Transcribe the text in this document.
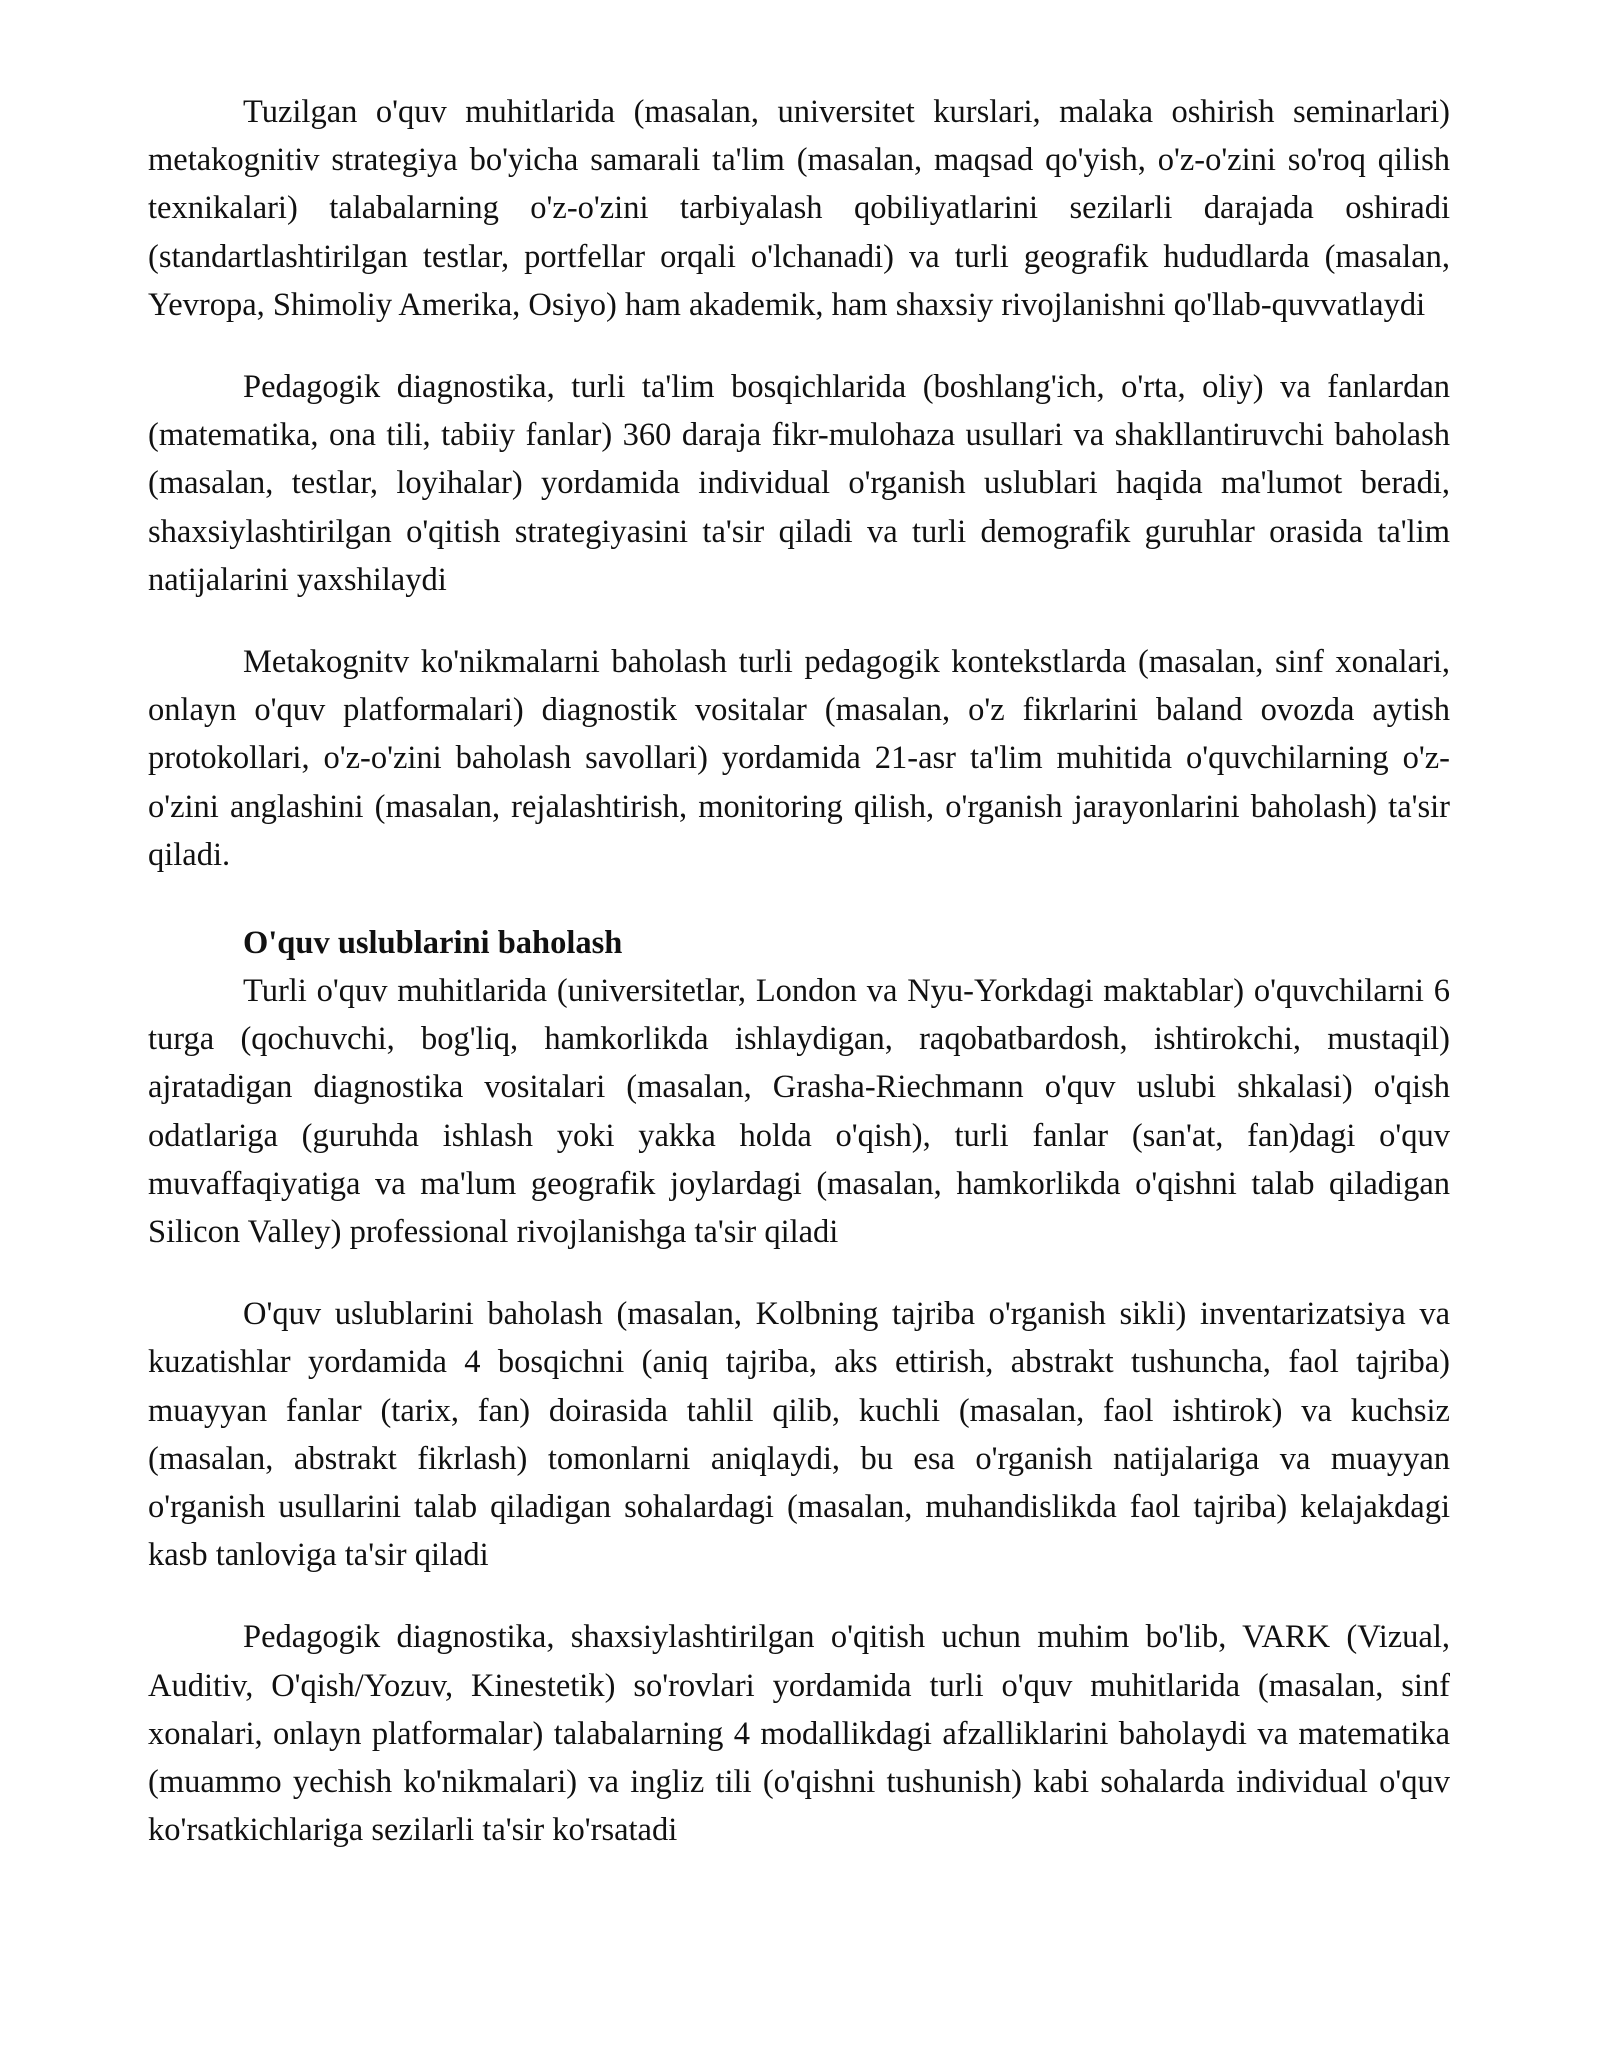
Tuzilgan o'quv muhitlarida (masalan, universitet kurslari, malaka oshirish seminarlari) metakognitiv strategiya bo'yicha samarali ta'lim (masalan, maqsad qo'yish, o'z-o'zini so'roq qilish texnikalari) talabalarning o'z-o'zini tarbiyalash qobiliyatlarini sezilarli darajada oshiradi (standartlashtirilgan testlar, portfellar orqali o'lchanadi) va turli geografik hududlarda (masalan, Yevropa, Shimoliy Amerika, Osiyo) ham akademik, ham shaxsiy rivojlanishni qo'llab-quvvatlaydi

Pedagogik diagnostika, turli ta'lim bosqichlarida (boshlang'ich, o'rta, oliy) va fanlardan (matematika, ona tili, tabiiy fanlar) 360 daraja fikr-mulohaza usullari va shakllantiruvchi baholash (masalan, testlar, loyihalar) yordamida individual o'rganish uslublari haqida ma'lumot beradi, shaxsiylashtirilgan o'qitish strategiyasini ta'sir qiladi va turli demografik guruhlar orasida ta'lim natijalarini yaxshilaydi

Metakognitv ko'nikmalarni baholash turli pedagogik kontekstlarda (masalan, sinf xonalari, onlayn o'quv platformalari) diagnostik vositalar (masalan, o'z fikrlarini baland ovozda aytish protokollari, o'z-o'zini baholash savollari) yordamida 21-asr ta'lim muhitida o'quvchilarning o'z-o'zini anglashini (masalan, rejalashtirish, monitoring qilish, o'rganish jarayonlarini baholash) ta'sir qiladi.

O'quv uslublarini baholash

Turli o'quv muhitlarida (universitetlar, London va Nyu-Yorkdagi maktablar) o'quvchilarni 6 turga (qochuvchi, bog'liq, hamkorlikda ishlaydigan, raqobatbardosh, ishtirokchi, mustaqil) ajratadigan diagnostika vositalari (masalan, Grasha-Riechmann o'quv uslubi shkalasi) o'qish odatlariga (guruhda ishlash yoki yakka holda o'qish), turli fanlar (san'at, fan)dagi o'quv muvaffaqiyatiga va ma'lum geografik joylardagi (masalan, hamkorlikda o'qishni talab qiladigan Silicon Valley) professional rivojlanishga ta'sir qiladi

O'quv uslublarini baholash (masalan, Kolbning tajriba o'rganish sikli) inventarizatsiya va kuzatishlar yordamida 4 bosqichni (aniq tajriba, aks ettirish, abstrakt tushuncha, faol tajriba) muayyan fanlar (tarix, fan) doirasida tahlil qilib, kuchli (masalan, faol ishtirok) va kuchsiz (masalan, abstrakt fikrlash) tomonlarni aniqlaydi, bu esa o'rganish natijalariga va muayyan o'rganish usullarini talab qiladigan sohalardagi (masalan, muhandislikda faol tajriba) kelajakdagi kasb tanloviga ta'sir qiladi

Pedagogik diagnostika, shaxsiylashtirilgan o'qitish uchun muhim bo'lib, VARK (Vizual, Auditiv, O'qish/Yozuv, Kinestetik) so'rovlari yordamida turli o'quv muhitlarida (masalan, sinf xonalari, onlayn platformalar) talabalarning 4 modallikdagi afzalliklarini baholaydi va matematika (muammo yechish ko'nikmalari) va ingliz tili (o'qishni tushunish) kabi sohalarda individual o'quv ko'rsatkichlariga sezilarli ta'sir ko'rsatadi
